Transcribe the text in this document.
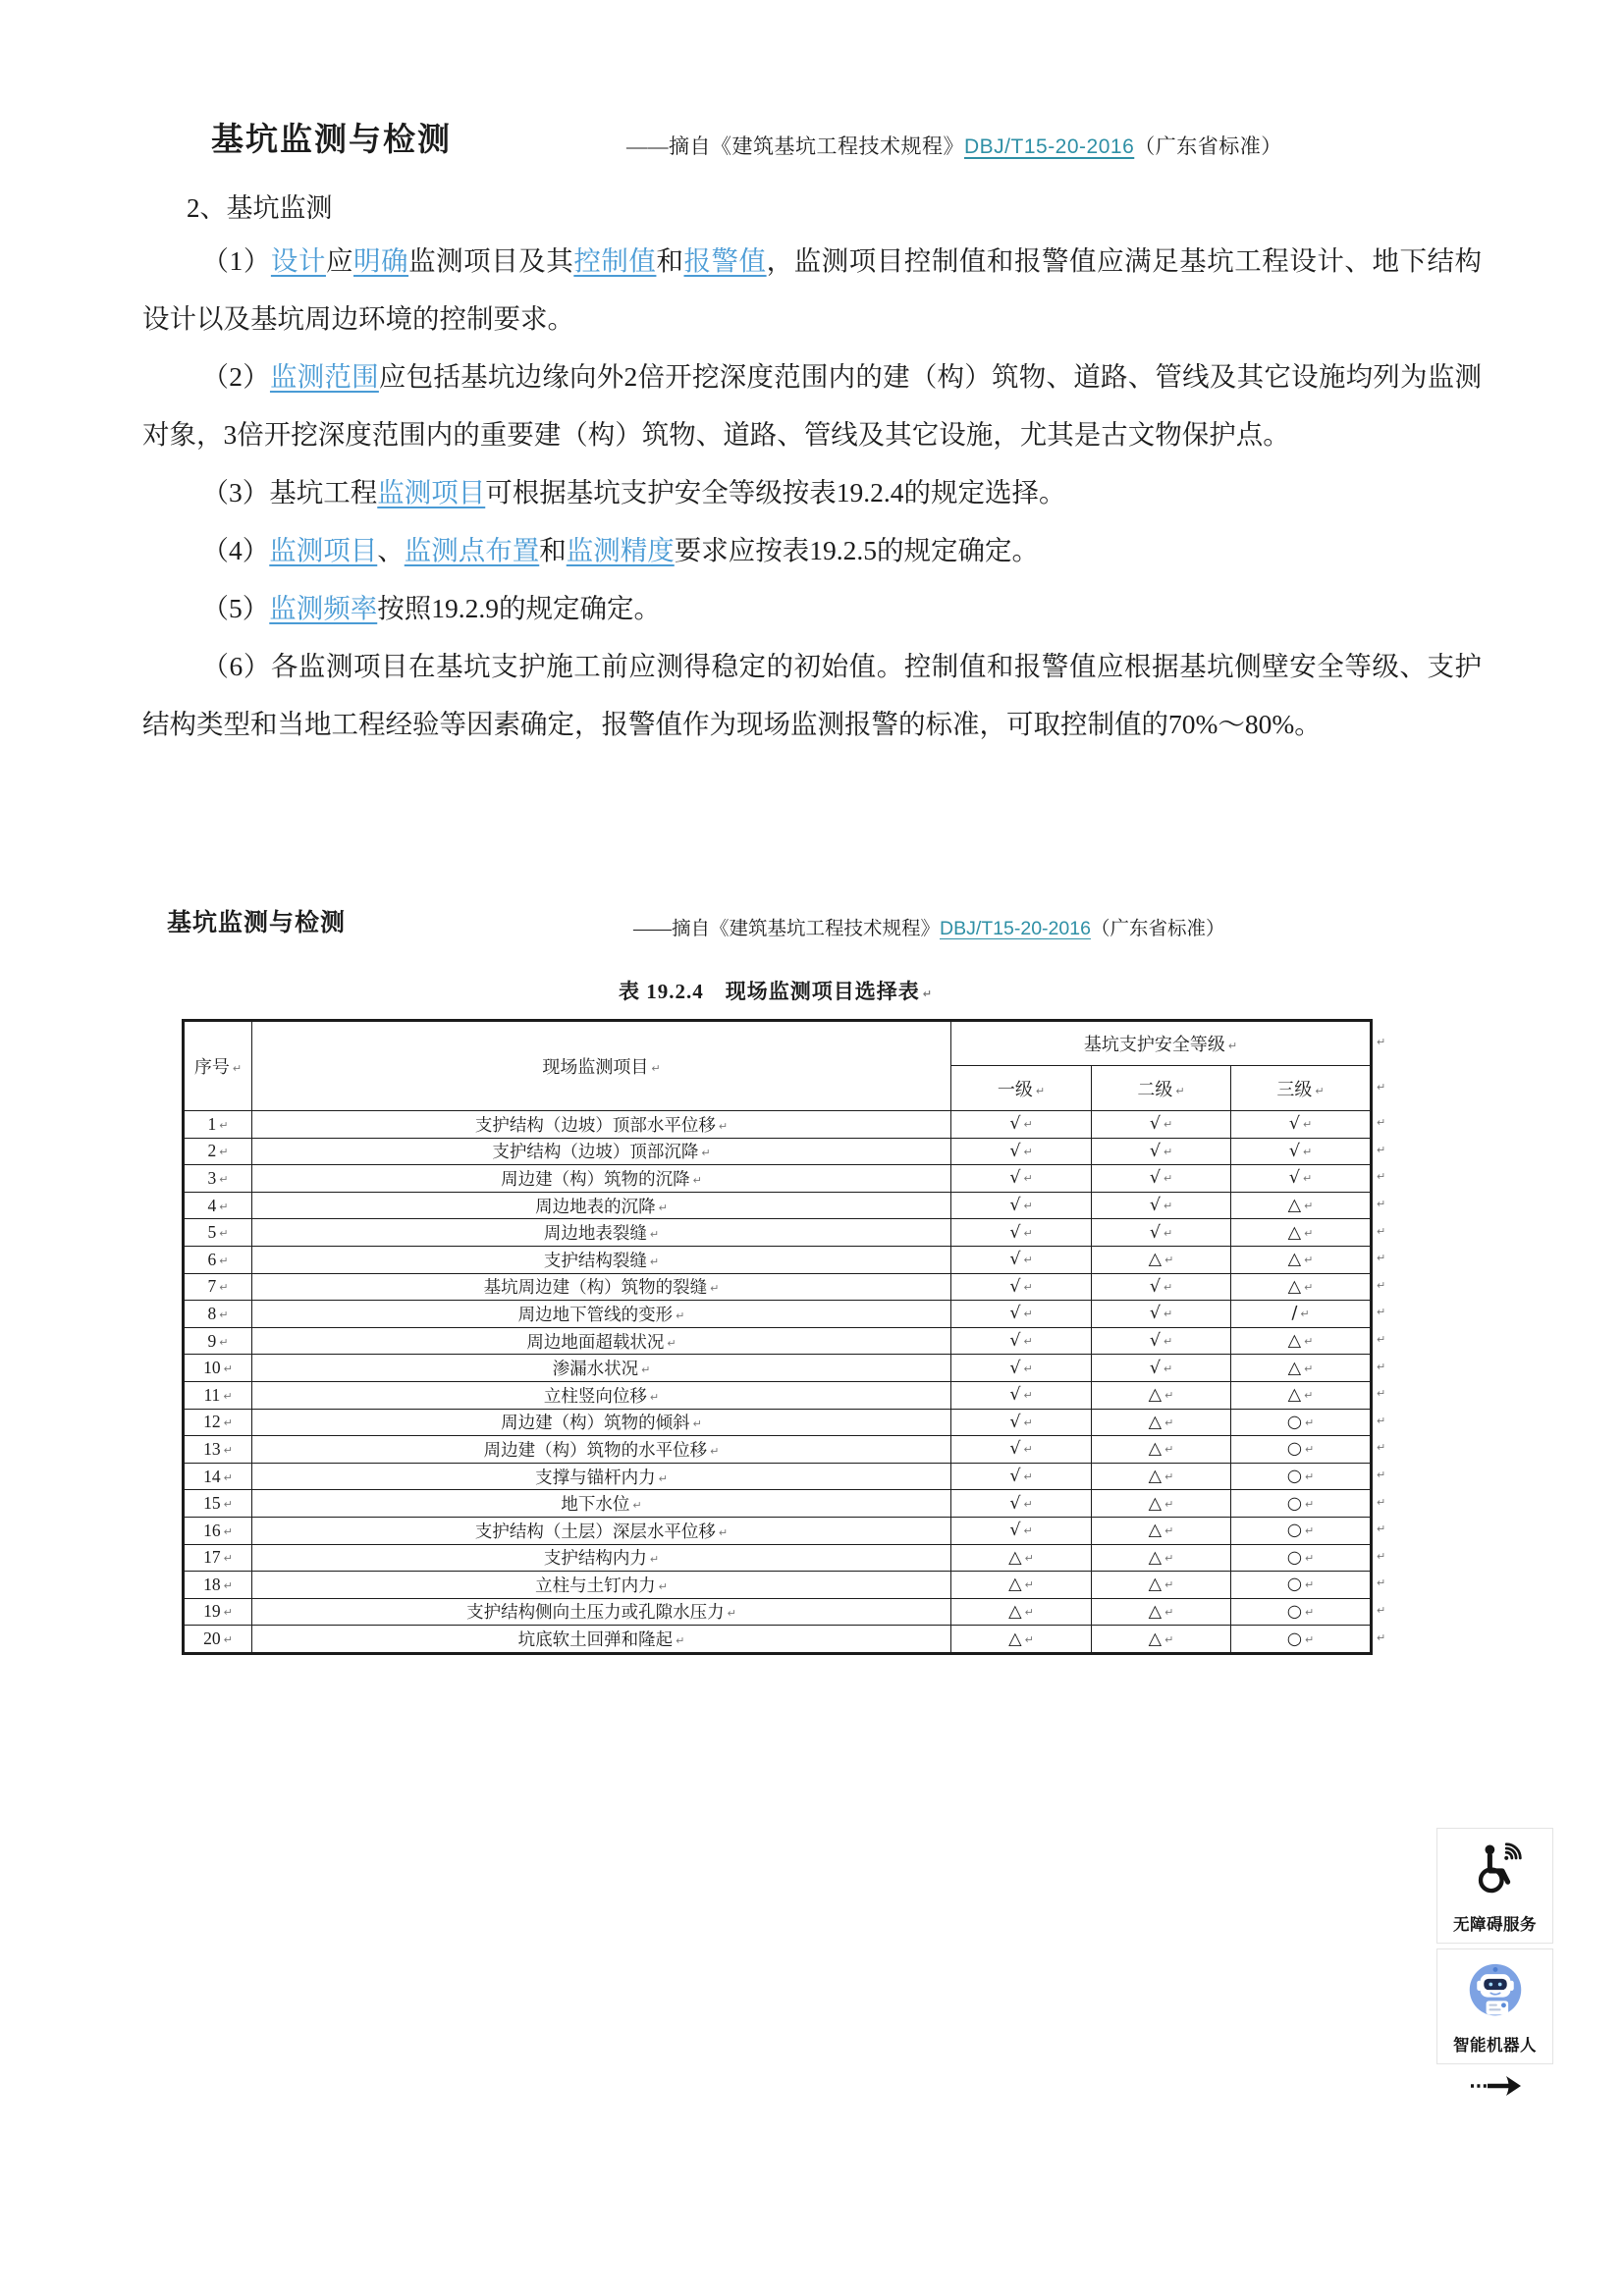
基坑监测与检测	——摘自《建筑基坑工程技术规程》DBJ/T15-20-2016（广东省标准）
2、基坑监测

（1）设计应明确监测项目及其控制值和报警值，监测项目控制值和报警值应满足基坑工程设计、地下结构设计以及基坑周边环境的控制要求。

（2）监测范围应包括基坑边缘向外2倍开挖深度范围内的建（构）筑物、道路、管线及其它设施均列为监测对象，3倍开挖深度范围内的重要建（构）筑物、道路、管线及其它设施，尤其是古文物保护点。

（3）基坑工程监测项目可根据基坑支护安全等级按表19.2.4的规定选择。

（4）监测项目、监测点布置和监测精度要求应按表19.2.5的规定确定。

（5）监测频率按照19.2.9的规定确定。

（6）各监测项目在基坑支护施工前应测得稳定的初始值。控制值和报警值应根据基坑侧壁安全等级、支护结构类型和当地工程经验等因素确定，报警值作为现场监测报警的标准，可取控制值的70%～80%。

基坑监测与检测	——摘自《建筑基坑工程技术规程》DBJ/T15-20-2016（广东省标准）
表 19.2.4　现场监测项目选择表 ↵
序号 ↵	现场监测项目 ↵	基坑支护安全等级 ↵		
		一级 ↵	二级 ↵	三级 ↵
1 ↵	支护结构（边坡）顶部水平位移 ↵	√ ↵	√ ↵	√ ↵
2 ↵	支护结构（边坡）顶部沉降 ↵	√ ↵	√ ↵	√ ↵
3 ↵	周边建（构）筑物的沉降 ↵	√ ↵	√ ↵	√ ↵
4 ↵	周边地表的沉降 ↵	√ ↵	√ ↵	△ ↵
5 ↵	周边地表裂缝 ↵	√ ↵	√ ↵	△ ↵
6 ↵	支护结构裂缝 ↵	√ ↵	△ ↵	△ ↵
7 ↵	基坑周边建（构）筑物的裂缝 ↵	√ ↵	√ ↵	△ ↵
8 ↵	周边地下管线的变形 ↵	√ ↵	√ ↵	/ ↵
9 ↵	周边地面超载状况 ↵	√ ↵	√ ↵	△ ↵
10 ↵	渗漏水状况 ↵	√ ↵	√ ↵	△ ↵
11 ↵	立柱竖向位移 ↵	√ ↵	△ ↵	△ ↵
12 ↵	周边建（构）筑物的倾斜 ↵	√ ↵	△ ↵	○ ↵
13 ↵	周边建（构）筑物的水平位移 ↵	√ ↵	△ ↵	○ ↵
14 ↵	支撑与锚杆内力 ↵	√ ↵	△ ↵	○ ↵
15 ↵	地下水位 ↵	√ ↵	△ ↵	○ ↵
16 ↵	支护结构（土层）深层水平位移 ↵	√ ↵	△ ↵	○ ↵
17 ↵	支护结构内力 ↵	△ ↵	△ ↵	○ ↵
18 ↵	立柱与土钉内力 ↵	△ ↵	△ ↵	○ ↵
19 ↵	支护结构侧向土压力或孔隙水压力 ↵	△ ↵	△ ↵	○ ↵
20 ↵	坑底软土回弹和隆起 ↵	△ ↵	△ ↵	○ ↵
无障碍服务
智能机器人
↵
↵
↵
↵
↵
↵
↵
↵
↵
↵
↵
↵
↵
↵
↵
↵
↵
↵
↵
↵
↵
↵
